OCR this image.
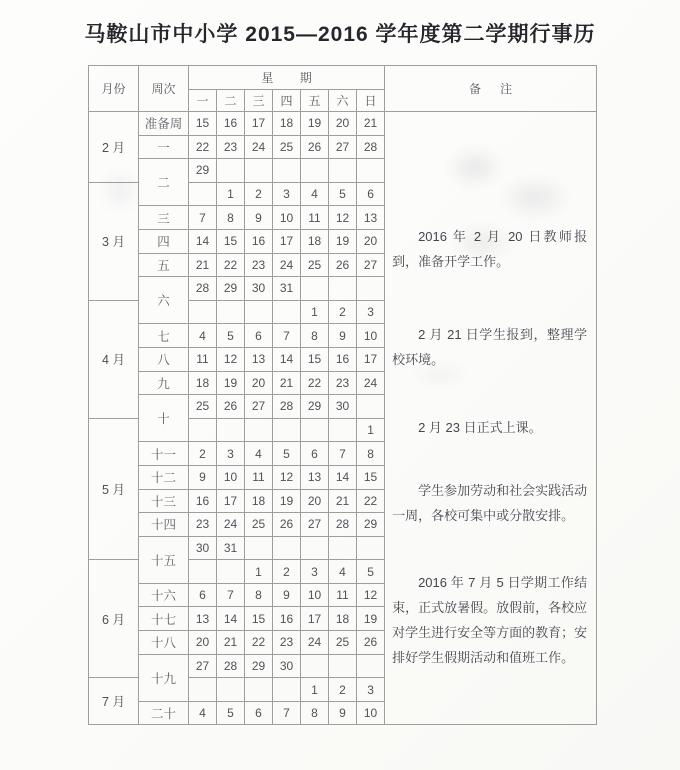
马鞍山市中小学 2015—2016 学年度第二学期行事历
月份	周次	星期							备注
		一	二	三	四	五	六	日	
2 月	准备周	15	16	17	18	19	20	21	2016 年 2 月 20 日教师报到，准备开学工作。

2 月 21 日学生报到，整理学校环境。

2 月 23 日正式上课。

学生参加劳动和社会实践活动一周，各校可集中或分散安排。

2016 年 7 月 5 日学期工作结束，正式放暑假。放假前，各校应对学生进行安全等方面的教育；安排好学生假期活动和值班工作。

	一	22	23	24	25	26	27	28	
	二	29							
3 月			1	2	3	4	5	6	
	三	7	8	9	10	11	12	13	
	四	14	15	16	17	18	19	20	
	五	21	22	23	24	25	26	27	
	六	28	29	30	31				
4 月						1	2	3	
	七	4	5	6	7	8	9	10	
	八	11	12	13	14	15	16	17	
	九	18	19	20	21	22	23	24	
	十	25	26	27	28	29	30		
5 月								1	
	十一	2	3	4	5	6	7	8	
	十二	9	10	11	12	13	14	15	
	十三	16	17	18	19	20	21	22	
	十四	23	24	25	26	27	28	29	
	十五	30	31						
6 月				1	2	3	4	5	
	十六	6	7	8	9	10	11	12	
	十七	13	14	15	16	17	18	19	
	十八	20	21	22	23	24	25	26	
	十九	27	28	29	30				
7 月						1	2	3	
	二十	4	5	6	7	8	9	10	
